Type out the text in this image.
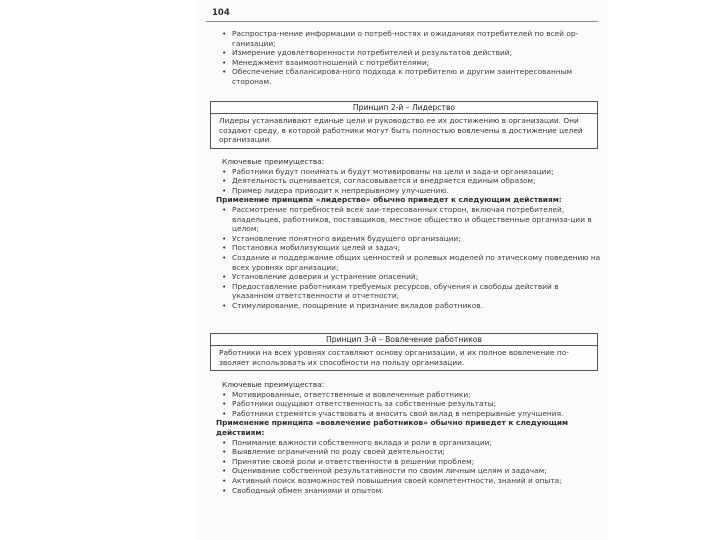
104
• Распростра-нение информации о потреб-ностях и ожиданиях потребителей по всей ор-ганизации;
• Измерение удовлетворенности потребителей и результатов действий;
• Менеджмент взаимоотношений с потребителями;
• Обеспечение сбалансирова-ного подхода к потребителю и другим заинтересованным сторонам.
Принцип 2-й – Лидерство
Лидеры устанавливают единые цели и руководство ее их достижению в организации. Они создают среду, в которой работники могут быть полностью вовлечены в достижение целей организации.
Ключевые преимущества:
• Работники будут понимать и будут мотивированы на цели и зада-и организации;
• Деятельность оценивается, согласовывается и внедряется единым образом;
• Пример лидера приводит к непрерывному улучшению.
Применение принципа «лидерство» обычно приведет к следующим действиям:
• Рассмотрение потребностей всех заи-тересованных сторон, включая потребителей, владельцев, работников, поставщиков, местное общество и общественные организа-ции в целом;
• Установление понятного видения будущего организации;
• Постановка мобилизующих целей и задач;
• Создание и поддержание общих ценностей и ролевых моделей по этическому поведению на всех уровнях организации;
• Установление доверия и устранение опасений;
• Предоставление работникам требуемых ресурсов, обучения и свободы действий в указанном ответственности и отчетности;
• Стимулирование, поощрение и признание вкладов работников.
Принцип 3-й – Вовлечение работников
Работники на всех уровнях составляют основу организации, и их полное вовлечение по-зволяет использовать их способности на пользу организации.
Ключевые преимущества:
• Мотивированные, ответственные и вовлеченные работники;
• Работники ощущают ответственность за собственные результаты;
• Работники стремятся участвовать и вносить свой вклад в непрерывные улучшения.
Применение принципа «вовлечение работников» обычно приведет к следующим действиям:
• Понимание важности собственного вклада и роли в организации;
• Выявление ограничений по роду своей деятельности;
• Принятие своей роли и ответственности в решении проблем;
• Оценивание собственной результативности по своим личным целям и задачам;
• Активный поиск возможностей повышения своей компетентности, знаний и опыта;
• Свободный обмен знаниями и опытом.
